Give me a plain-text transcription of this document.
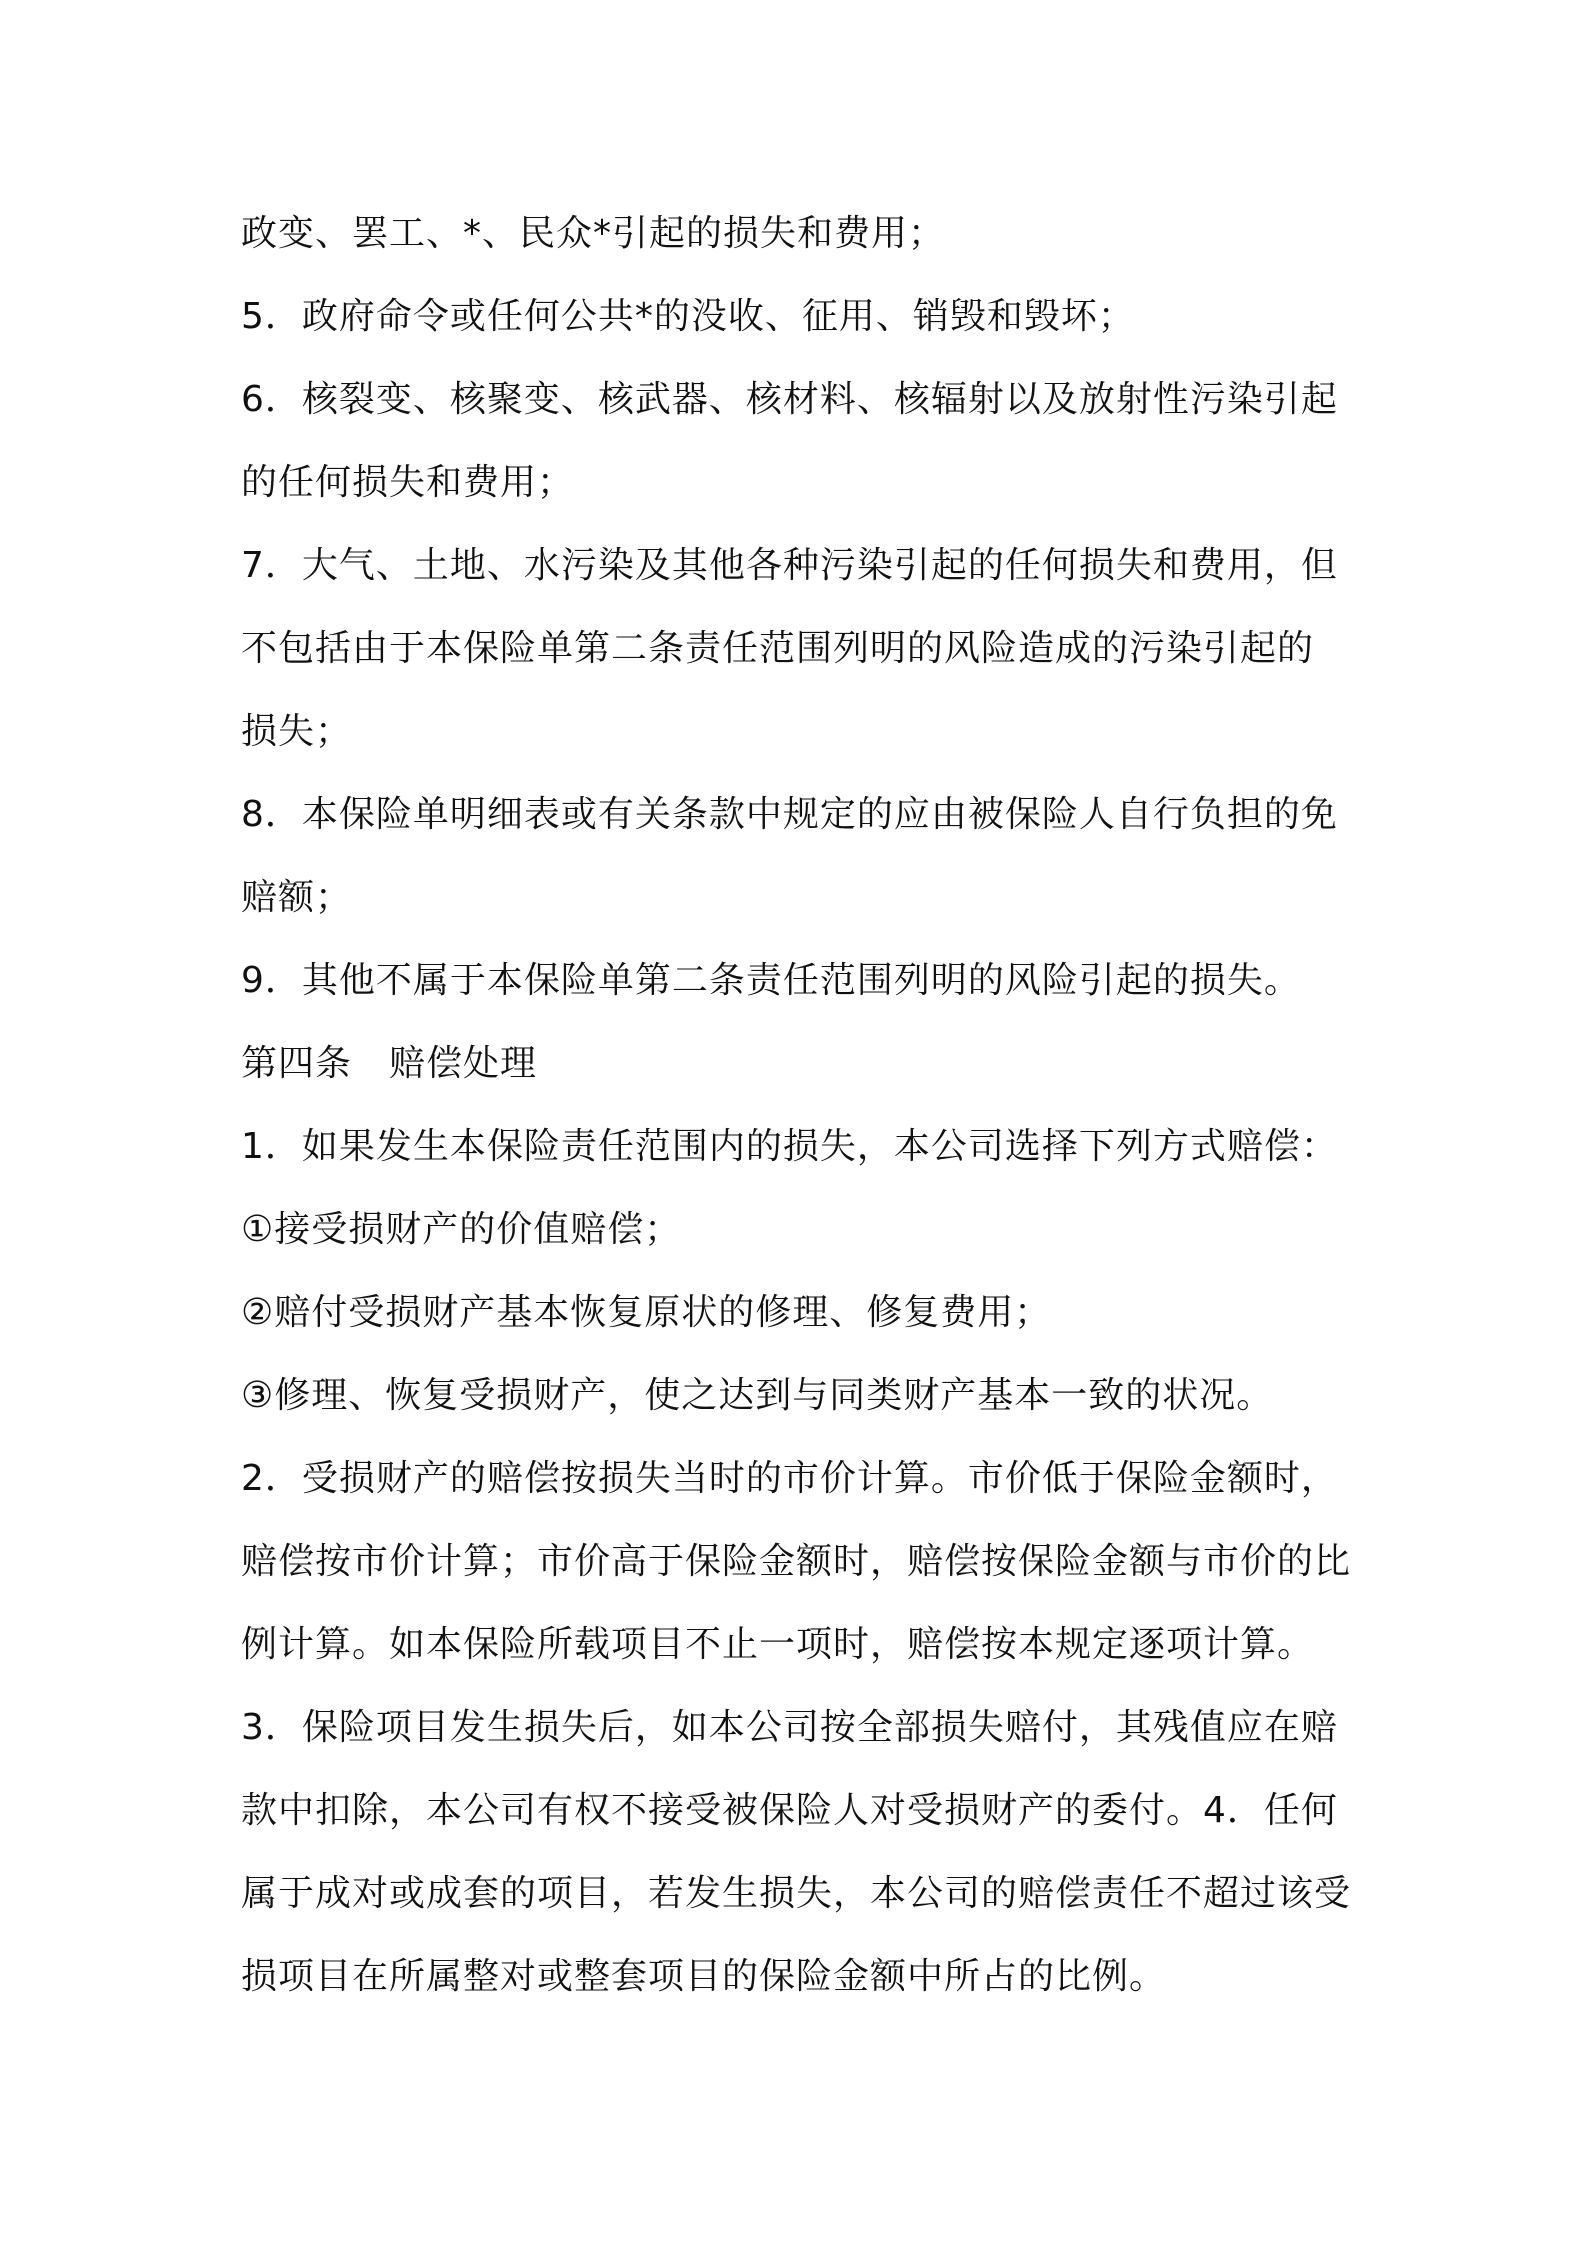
政变、罢工、*、民众*引起的损失和费用；
5．政府命令或任何公共*的没收、征用、销毁和毁坏；
6．核裂变、核聚变、核武器、核材料、核辐射以及放射性污染引起
的任何损失和费用；
7．大气、土地、水污染及其他各种污染引起的任何损失和费用，但
不包括由于本保险单第二条责任范围列明的风险造成的污染引起的
损失；
8．本保险单明细表或有关条款中规定的应由被保险人自行负担的免
赔额；
9．其他不属于本保险单第二条责任范围列明的风险引起的损失。
第四条　赔偿处理
1．如果发生本保险责任范围内的损失，本公司选择下列方式赔偿：
①接受损财产的价值赔偿；
②赔付受损财产基本恢复原状的修理、修复费用；
③修理、恢复受损财产，使之达到与同类财产基本一致的状况。
2．受损财产的赔偿按损失当时的市价计算。市价低于保险金额时，
赔偿按市价计算；市价高于保险金额时，赔偿按保险金额与市价的比
例计算。如本保险所载项目不止一项时，赔偿按本规定逐项计算。
3．保险项目发生损失后，如本公司按全部损失赔付，其残值应在赔
款中扣除，本公司有权不接受被保险人对受损财产的委付。4．任何
属于成对或成套的项目，若发生损失，本公司的赔偿责任不超过该受
损项目在所属整对或整套项目的保险金额中所占的比例。
